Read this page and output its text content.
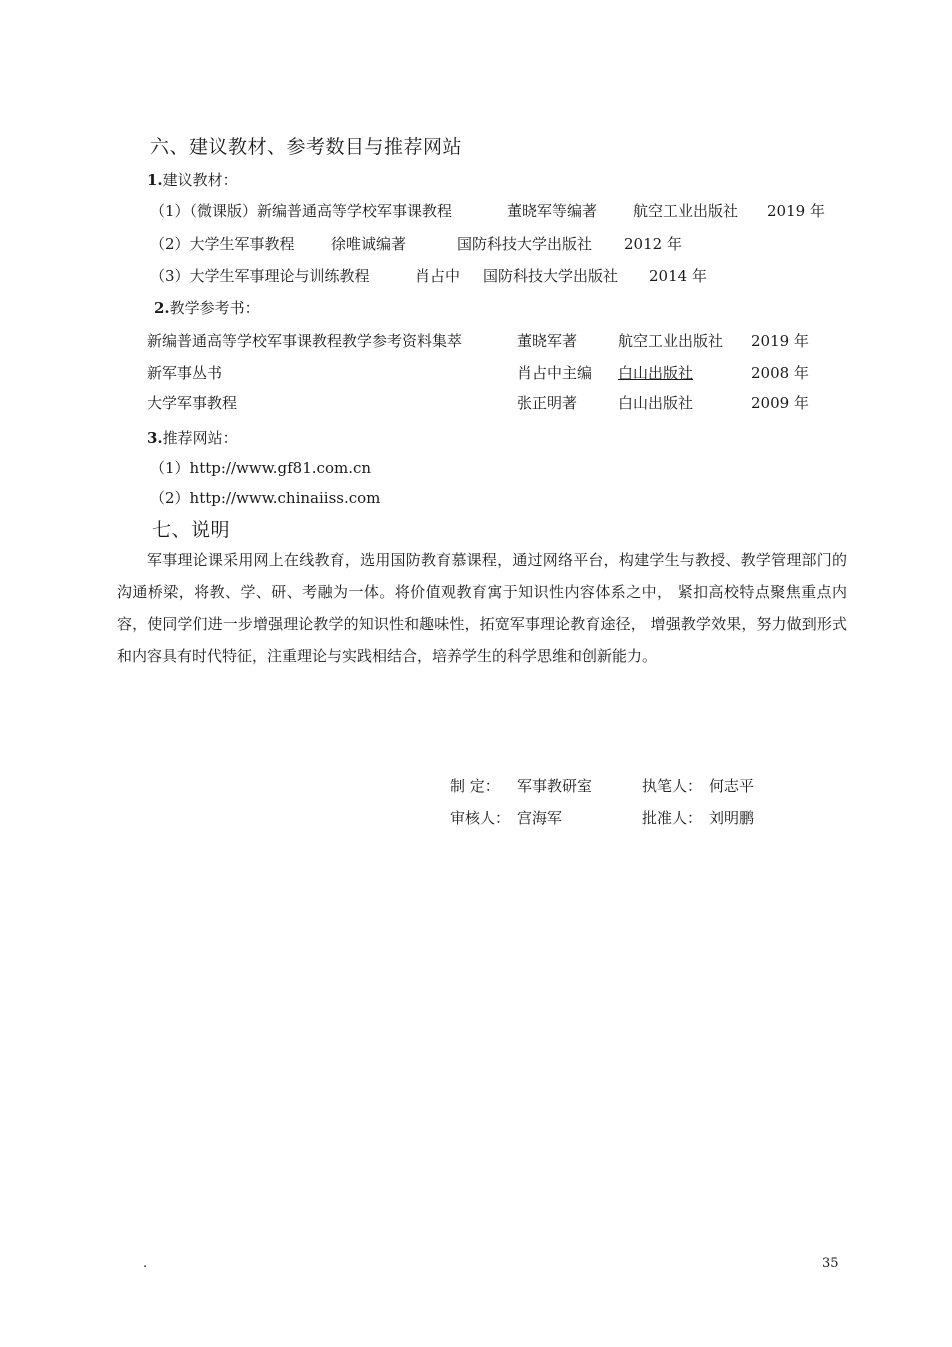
六、建议教材、参考数目与推荐网站
1.建议教材：
（1）（微课版）新编普通高等学校军事课教程	董晓军等编著 航空工业出版社 2019 年
（2）大学生军事教程 徐唯诚编著	国防科技大学出版社 2012 年
（3）大学生军事理论与训练教程	肖占中 国防科技大学出版社 2014 年
2.教学参考书：
新编普通高等学校军事课教程教学参考资料集萃	董晓军著	航空工业出版社 2019 年
新军事丛书	肖占中主编 白山出版社	2008 年
大学军事教程	张正明著	白山出版社	2009 年
3.推荐网站：
（1）http://www.gf81.com.cn
（2）http://www.chinaiiss.com
七、说明

军事理论课采用网上在线教育，选用国防教育慕课程，通过网络平台，构建学生与教授、教学管理部门的沟通桥梁，将教、学、研、考融为一体。将价值观教育寓于知识性内容体系之中， 紧扣高校特点聚焦重点内容，使同学们进一步增强理论教学的知识性和趣味性，拓宽军事理论教育途径， 增强教学效果，努力做到形式和内容具有时代特征，注重理论与实践相结合，培养学生的科学思维和创新能力。

制 定： 军事教研室	执笔人： 何志平
审核人： 宫海军	批准人： 刘明鹏
.	35
